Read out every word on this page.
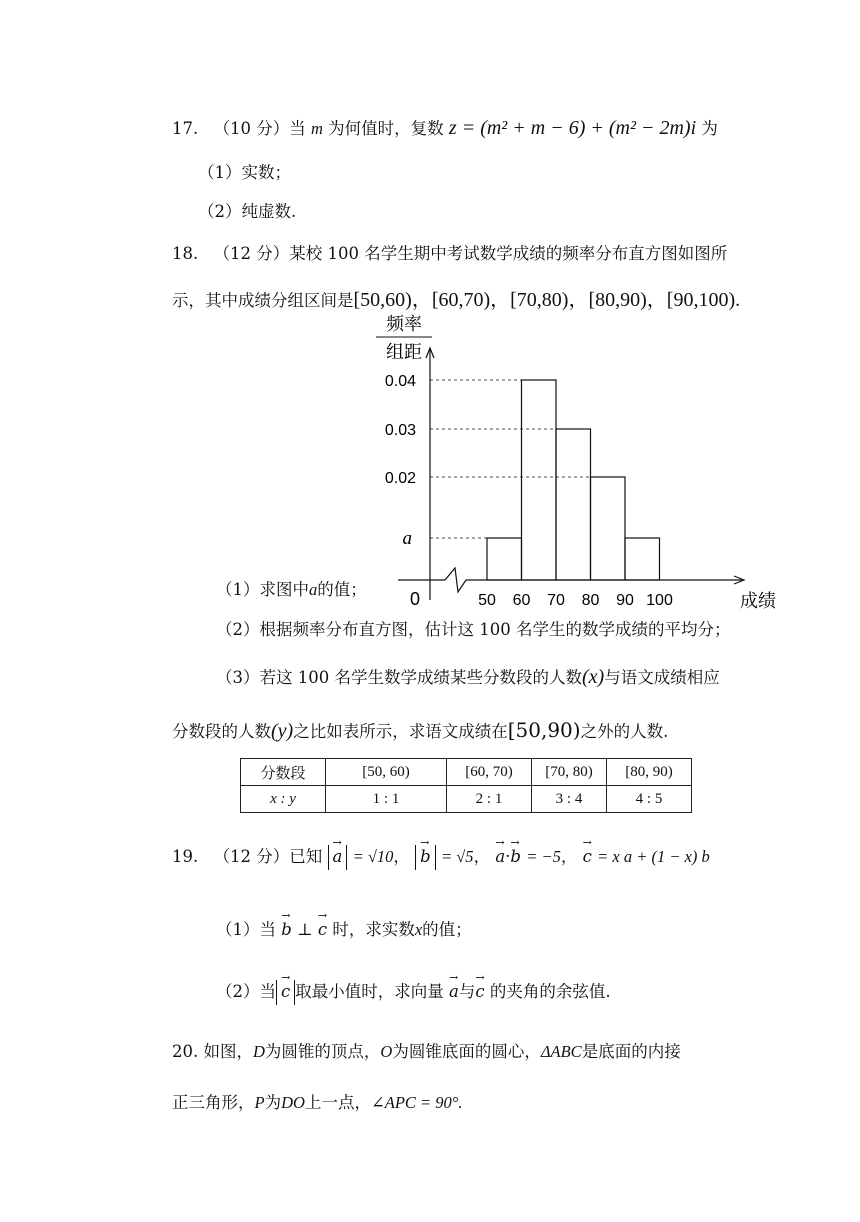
17. （10 分）当 m 为何值时，复数 z = (m² + m − 6) + (m² − 2m)i 为
（1）实数；
（2）纯虚数.
18. （12 分）某校 100 名学生期中考试数学成绩的频率分布直方图如图所
示，其中成绩分组区间是[50,60)，[60,70)，[70,80)，[80,90)，[90,100).
频率
组距
a
0.02
0.03
0.04
50 60 70 80 90 100
0	成绩
（1）求图中a的值；
（2）根据频率分布直方图，估计这 100 名学生的数学成绩的平均分；
（3）若这 100 名学生数学成绩某些分数段的人数(x)与语文成绩相应
分数段的人数(y)之比如表所示，求语文成绩在[50,90)之外的人数.
分数段	[50, 60)	[60, 70)	[70, 80)	[80, 90)
x : y	1 : 1	2 : 1	3 : 4	4 : 5
19. （12 分）已知 → a = √10， → b = √5， → a·→ b = −5， → c = x a + (1 − x) b
（1）当 → b ⊥ → c 时，求实数x的值；
（2）当 → c 取最小值时，求向量 → a与→ c 的夹角的余弦值.
20. 如图，D为圆锥的顶点，O为圆锥底面的圆心，ΔABC是底面的内接
正三角形，P为DO上一点，∠APC = 90°.
